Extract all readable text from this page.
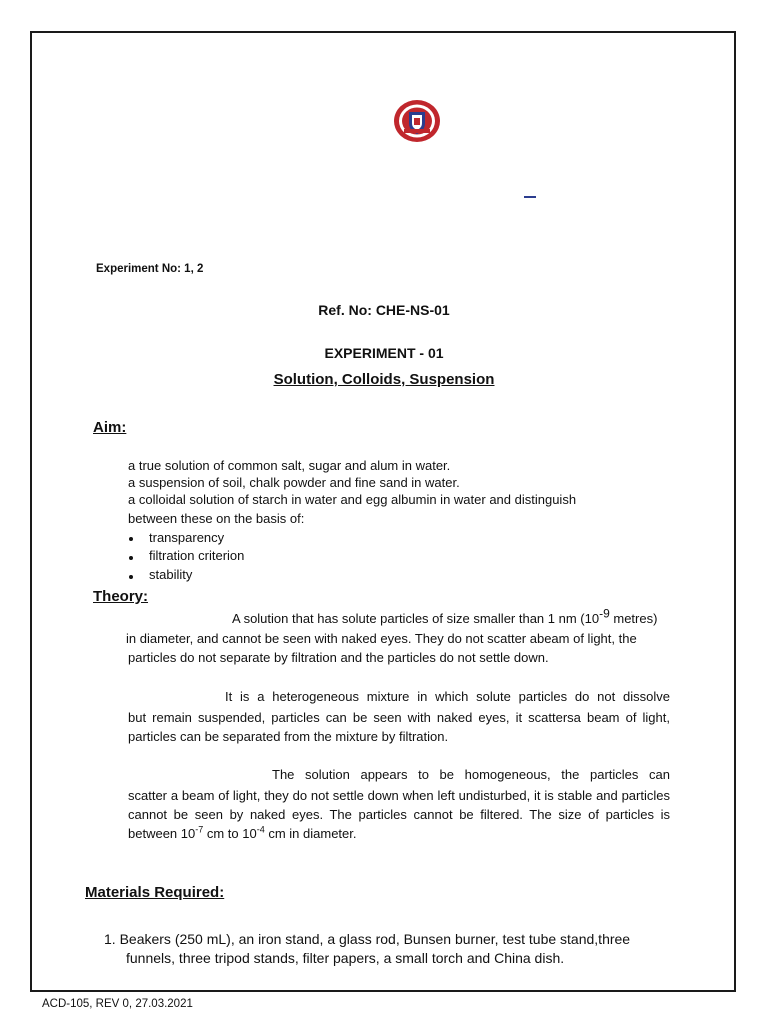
Experiment No: 1, 2
Ref. No: CHE-NS-01
EXPERIMENT - 01
Solution, Colloids, Suspension
Aim:
a true solution of common salt, sugar and alum in water.
a suspension of soil, chalk powder and fine sand in water.
a colloidal solution of starch in water and egg albumin in water and distinguish
between these on the basis of:
transparency
filtration criterion
stability
Theory:
A solution that has solute particles of size smaller than 1 nm ($10^{-9}$ metres)
in diameter, and cannot be seen with naked eyes. They do not scatter abeam of light, the
particles do not separate by filtration and the particles do not settle down.
It is a heterogeneous mixture in which solute particles do not dissolve
but remain suspended, particles can be seen with naked eyes, it scattersa beam of light, particles can be separated from the mixture by filtration.
The solution appears to be homogeneous, the particles can
scatter a beam of light, they do not settle down when left undisturbed, it is stable and particles cannot be seen by naked eyes. The particles cannot be filtered. The size of particles is between $10^{-7}$ cm to $10^{-4}$ cm in diameter.
Materials Required:
1. Beakers (250 mL), an iron stand, a glass rod, Bunsen burner, test tube stand,three
funnels, three tripod stands, filter papers, a small torch and China dish.
ACD-105, REV 0, 27.03.2021
